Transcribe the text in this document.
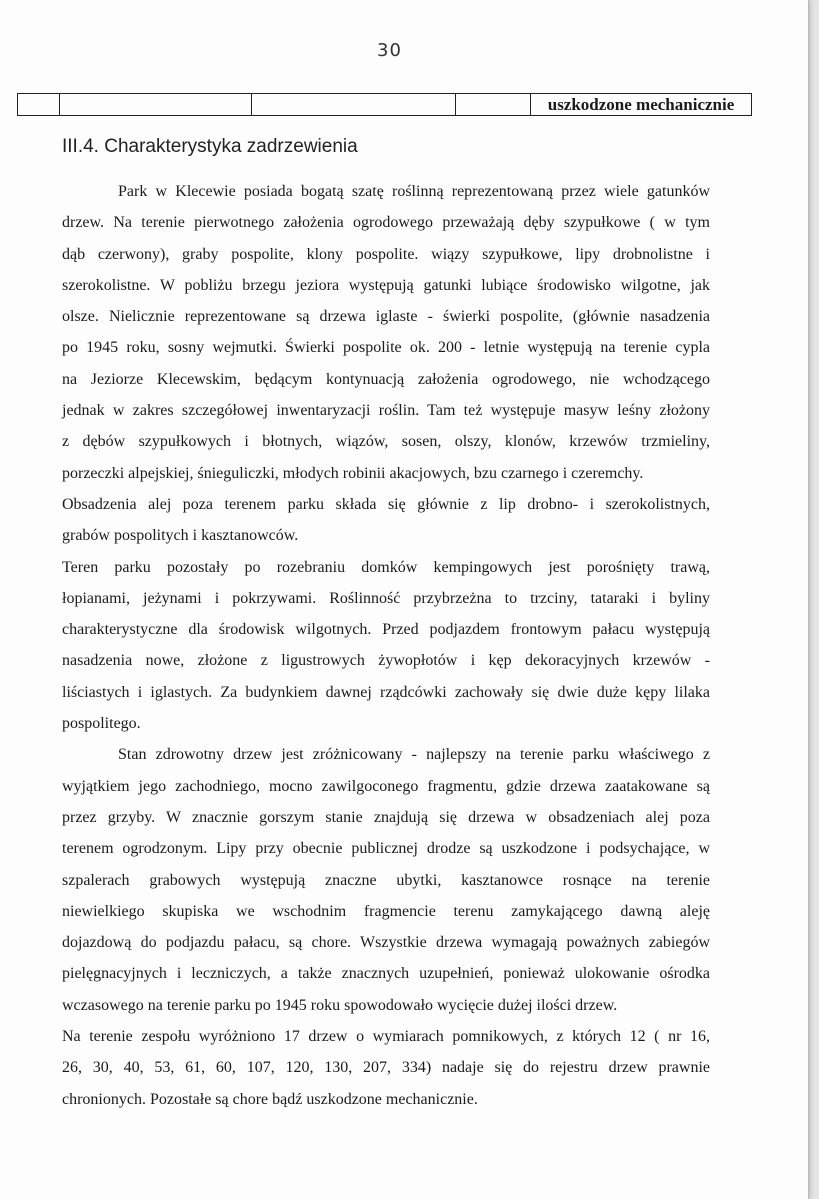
30
				uszkodzone mechanicznie
III.4. Charakterystyka zadrzewienia
Park w Klecewie posiada bogatą szatę roślinną reprezentowaną przez wiele gatunków
drzew. Na terenie pierwotnego założenia ogrodowego przeważają dęby szypułkowe ( w tym
dąb czerwony), graby pospolite, klony pospolite. wiązy szypułkowe, lipy drobnolistne i
szerokolistne. W pobliżu brzegu jeziora występują gatunki lubiące środowisko wilgotne, jak
olsze. Nielicznie reprezentowane są drzewa iglaste - świerki pospolite, (głównie nasadzenia
po 1945 roku, sosny wejmutki. Świerki pospolite ok. 200 - letnie występują na terenie cypla
na Jeziorze Klecewskim, będącym kontynuacją założenia ogrodowego, nie wchodzącego
jednak w zakres szczegółowej inwentaryzacji roślin. Tam też występuje masyw leśny złożony
z dębów szypułkowych i błotnych, wiązów, sosen, olszy, klonów, krzewów trzmieliny,
porzeczki alpejskiej, śnieguliczki, młodych robinii akacjowych, bzu czarnego i czeremchy.
Obsadzenia alej poza terenem parku składa się głównie z lip drobno- i szerokolistnych,
grabów pospolitych i kasztanowców.
Teren parku pozostały po rozebraniu domków kempingowych jest porośnięty trawą,
łopianami, jeżynami i pokrzywami. Roślinność przybrzeżna to trzciny, tataraki i byliny
charakterystyczne dla środowisk wilgotnych. Przed podjazdem frontowym pałacu występują
nasadzenia nowe, złożone z ligustrowych żywopłotów i kęp dekoracyjnych krzewów -
liściastych i iglastych. Za budynkiem dawnej rządcówki zachowały się dwie duże kępy lilaka
pospolitego.
Stan zdrowotny drzew jest zróżnicowany - najlepszy na terenie parku właściwego z
wyjątkiem jego zachodniego, mocno zawilgoconego fragmentu, gdzie drzewa zaatakowane są
przez grzyby. W znacznie gorszym stanie znajdują się drzewa w obsadzeniach alej poza
terenem ogrodzonym. Lipy przy obecnie publicznej drodze są uszkodzone i podsychające, w
szpalerach grabowych występują znaczne ubytki, kasztanowce rosnące na terenie
niewielkiego skupiska we wschodnim fragmencie terenu zamykającego dawną aleję
dojazdową do podjazdu pałacu, są chore. Wszystkie drzewa wymagają poważnych zabiegów
pielęgnacyjnych i leczniczych, a także znacznych uzupełnień, ponieważ ulokowanie ośrodka
wczasowego na terenie parku po 1945 roku spowodowało wycięcie dużej ilości drzew.
Na terenie zespołu wyróżniono 17 drzew o wymiarach pomnikowych, z których 12 ( nr 16,
26, 30, 40, 53, 61, 60, 107, 120, 130, 207, 334) nadaje się do rejestru drzew prawnie
chronionych. Pozostałe są chore bądź uszkodzone mechanicznie.
